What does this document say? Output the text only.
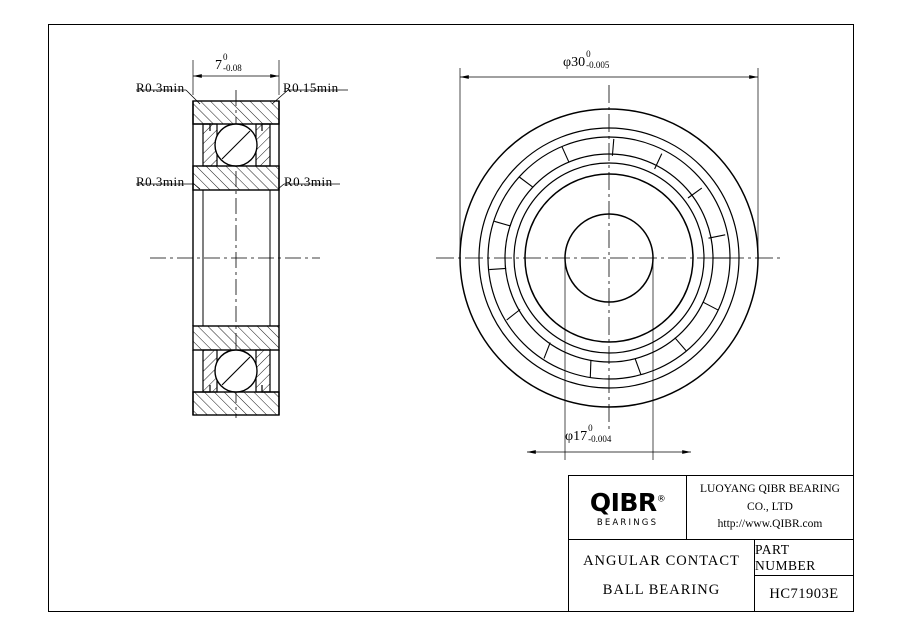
R0.3min	R0.15min
R0.3min	R0.3min
7
0
-0.08	φ30
0
-0.005
φ17
0
-0.004
QIBR®
BEARINGS
LUOYANG QIBR BEARING CO., LTD
http://www.QIBR.com
ANGULAR CONTACT
BALL BEARING
PART NUMBER
HC71903E
